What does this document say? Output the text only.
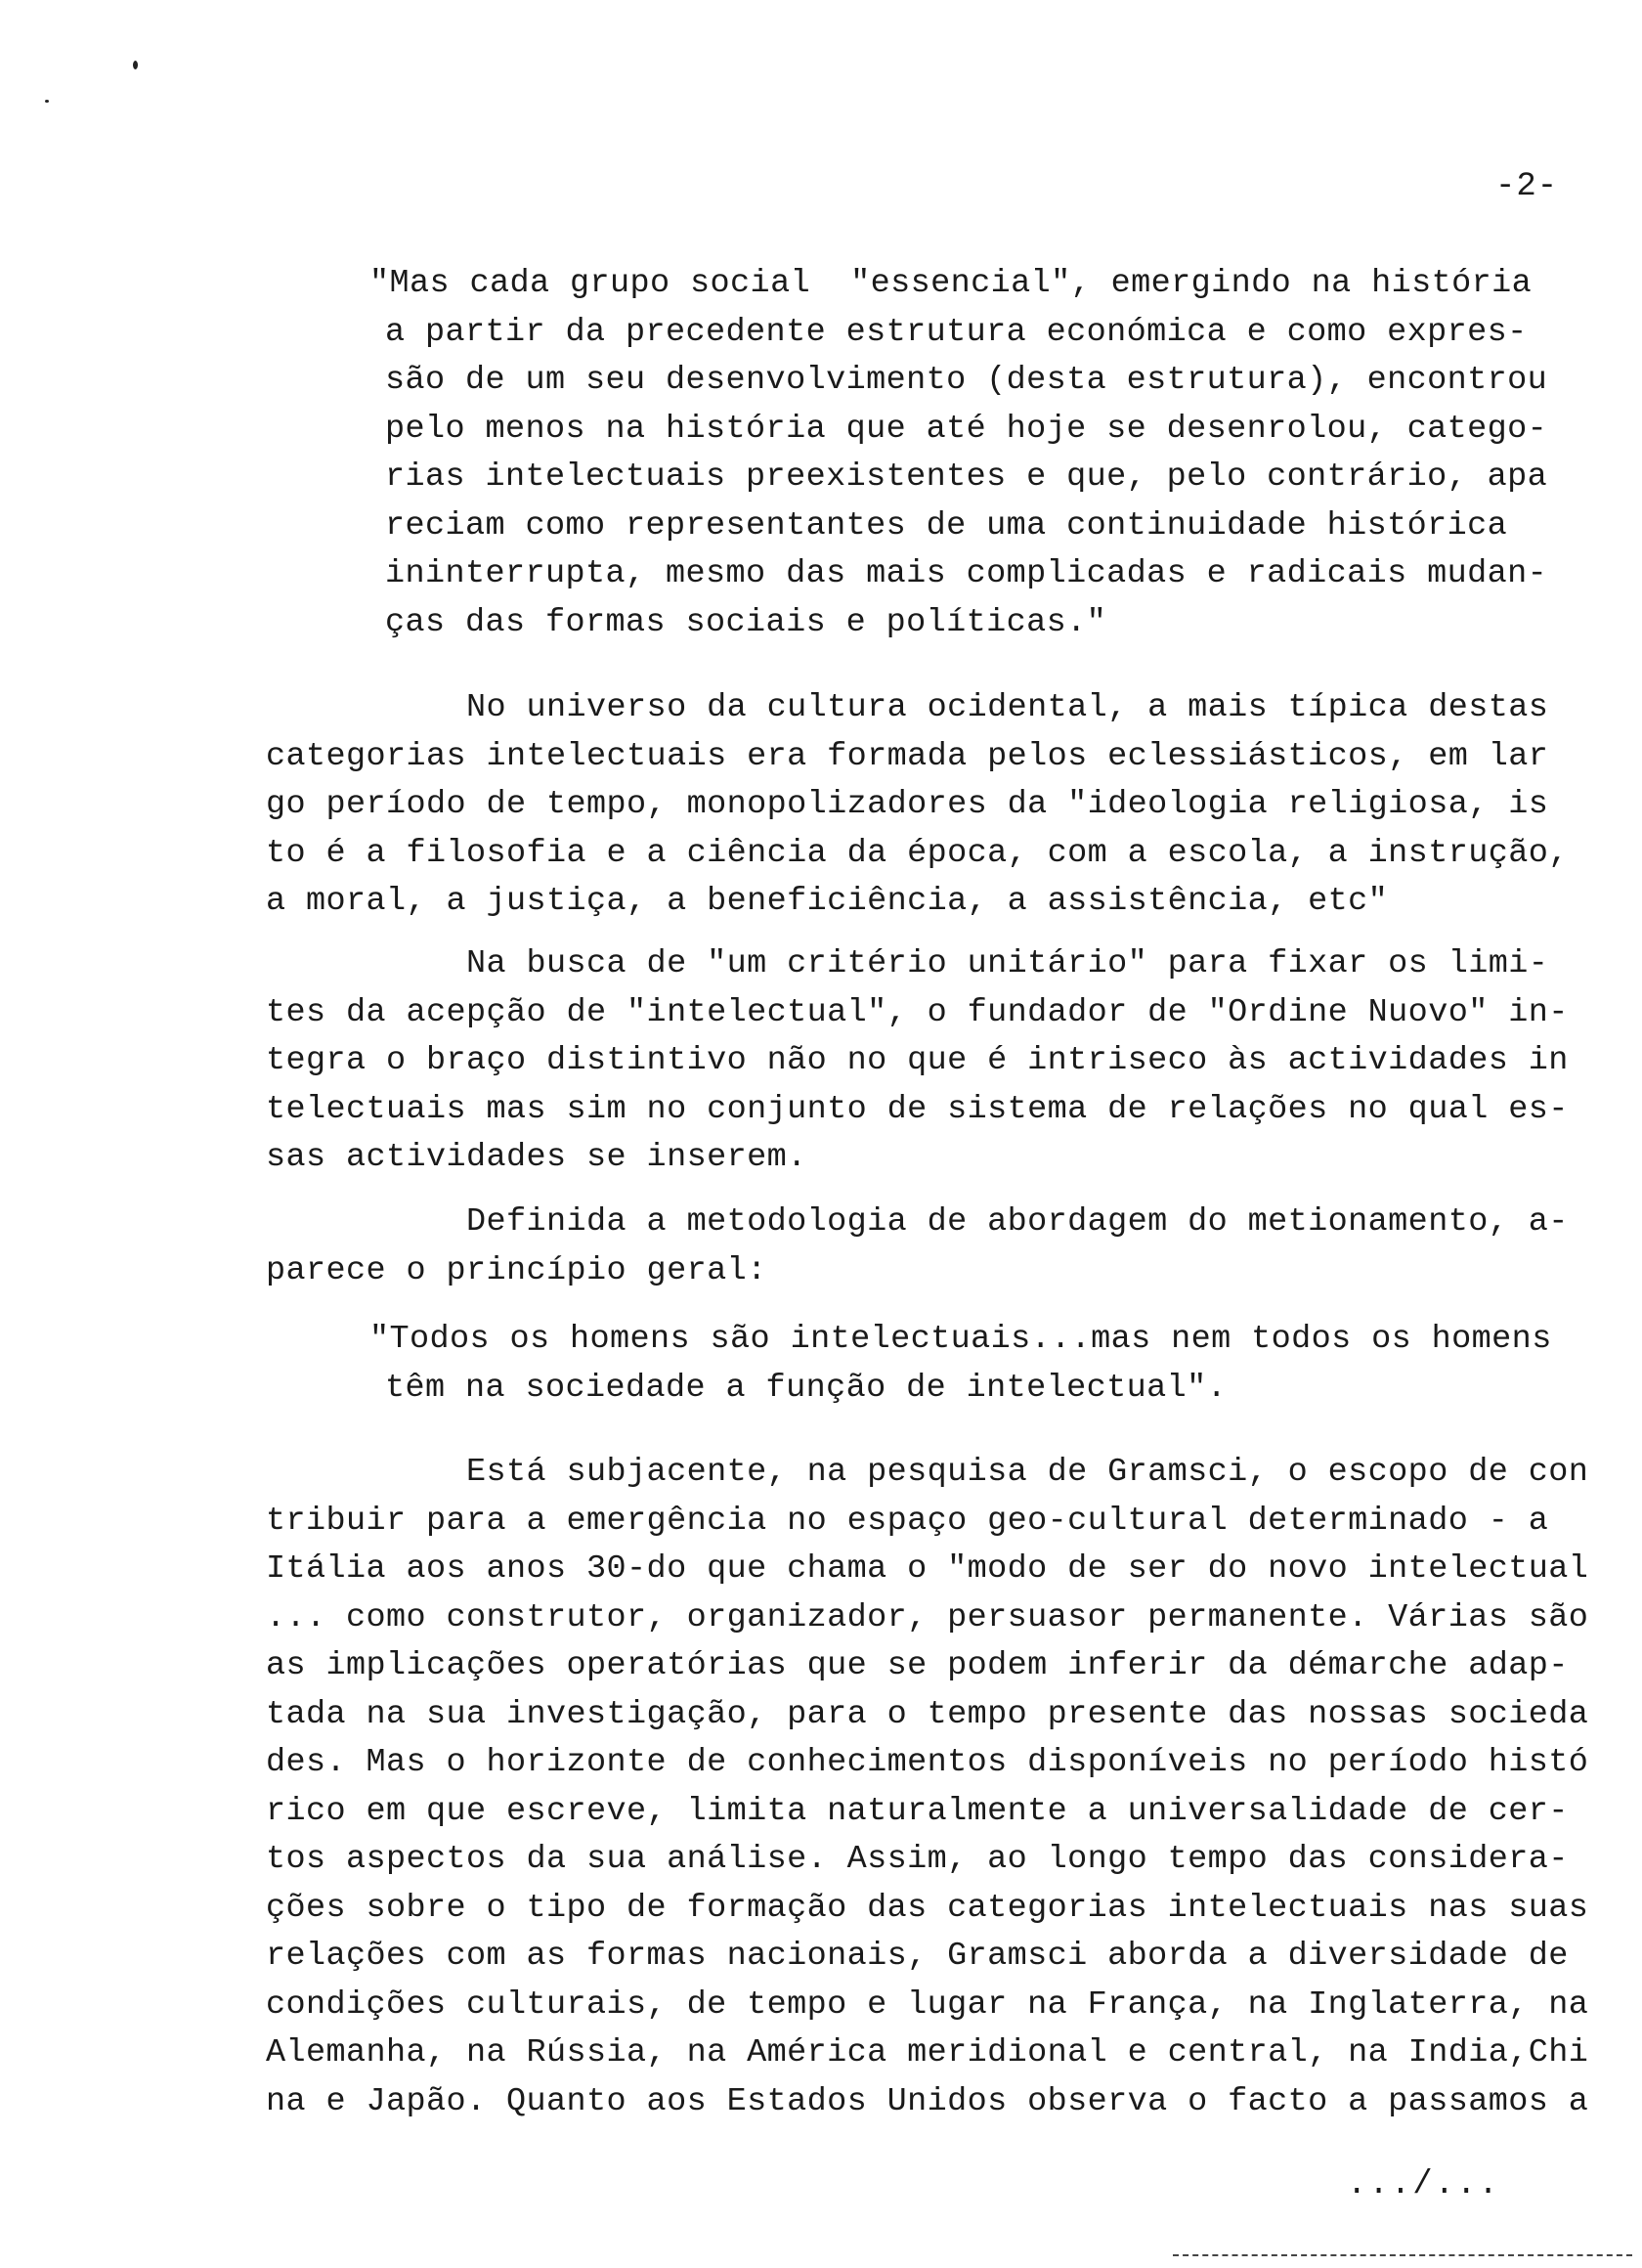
-2-
"Mas cada grupo social  "essencial", emergindo na história
a partir da precedente estrutura económica e como expres-
são de um seu desenvolvimento (desta estrutura), encontrou
pelo menos na história que até hoje se desenrolou, catego-
rias intelectuais preexistentes e que, pelo contrário, apa
reciam como representantes de uma continuidade histórica
ininterrupta, mesmo das mais complicadas e radicais mudan-
ças das formas sociais e políticas."
No universo da cultura ocidental, a mais típica destas
categorias intelectuais era formada pelos eclessiásticos, em lar
go período de tempo, monopolizadores da "ideologia religiosa, is
to é a filosofia e a ciência da época, com a escola, a instrução,
a moral, a justiça, a beneficiência, a assistência, etc"
Na busca de "um critério unitário" para fixar os limi-
tes da acepção de "intelectual", o fundador de "Ordine Nuovo" in-
tegra o braço distintivo não no que é intriseco às actividades in
telectuais mas sim no conjunto de sistema de relações no qual es-
sas actividades se inserem.
Definida a metodologia de abordagem do metionamento, a-
parece o princípio geral:
"Todos os homens são intelectuais...mas nem todos os homens
têm na sociedade a função de intelectual".
Está subjacente, na pesquisa de Gramsci, o escopo de con
tribuir para a emergência no espaço geo-cultural determinado - a
Itália aos anos 30-do que chama o "modo de ser do novo intelectual
... como construtor, organizador, persuasor permanente. Várias são
as implicações operatórias que se podem inferir da démarche adap-
tada na sua investigação, para o tempo presente das nossas socieda
des. Mas o horizonte de conhecimentos disponíveis no período histó
rico em que escreve, limita naturalmente a universalidade de cer-
tos aspectos da sua análise. Assim, ao longo tempo das considera-
ções sobre o tipo de formação das categorias intelectuais nas suas
relações com as formas nacionais, Gramsci aborda a diversidade de
condições culturais, de tempo e lugar na França, na Inglaterra, na
Alemanha, na Rússia, na América meridional e central, na India,Chi
na e Japão. Quanto aos Estados Unidos observa o facto a passamos a
.../...
